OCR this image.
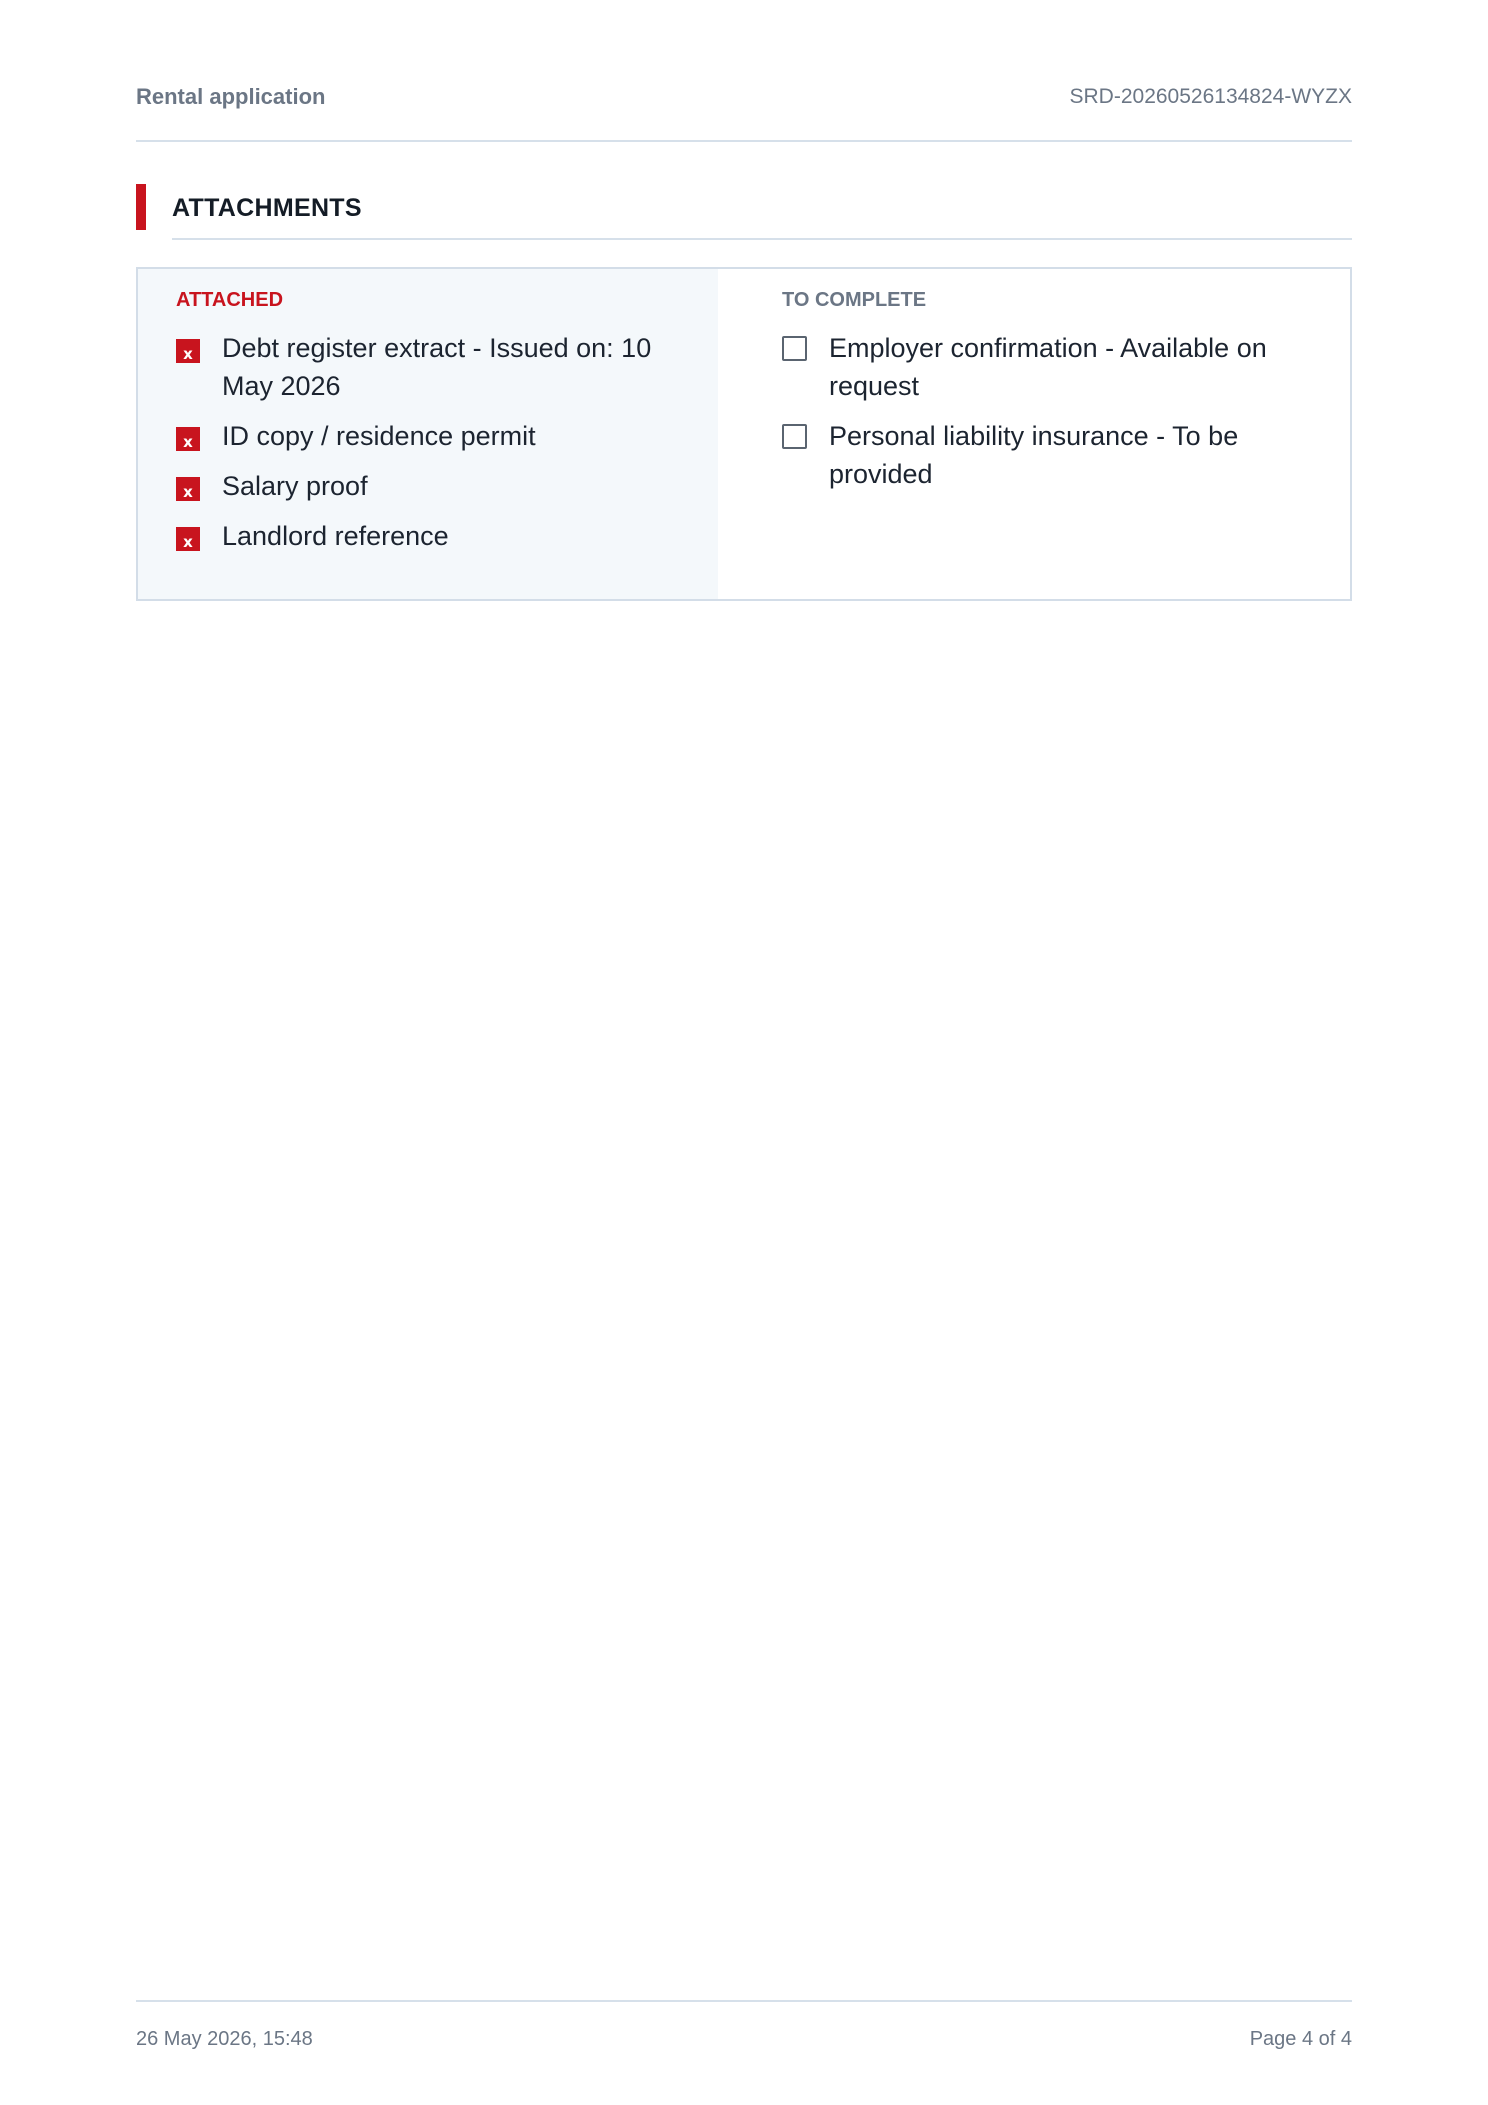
Rental application	SRD-20260526134824-WYZX
ATTACHMENTS
ATTACHED
x Debt register extract - Issued on: 10 May 2026
x ID copy / residence permit
x Salary proof
x Landlord reference
TO COMPLETE
Employer confirmation - Available on request
Personal liability insurance - To be provided
26 May 2026, 15:48	Page 4 of 4
